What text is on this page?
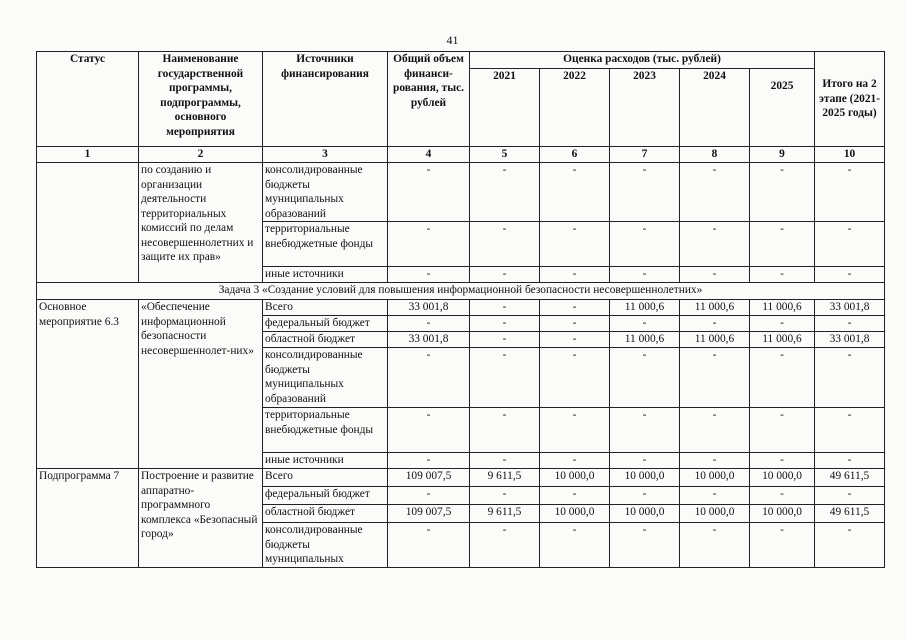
41
Статус	Наименование государственной программы, подпрограммы, основного мероприятия	Источники финансирования	Общий объем финанси-рования, тыс. рублей	Оценка расходов (тыс. рублей)					Итого на 2 этапе (2021-2025 годы)
				2021	2022	2023	2024	2025	
1	2	3	4	5	6	7	8	9	10
	по созданию и организации деятельности территориальных комиссий по делам несовершеннолетних и защите их прав»	консолидированные бюджеты муниципальных образований	-	-	-	-	-	-	-
		территориальные внебюджетные фонды	-	-	-	-	-	-	-
		иные источники	-	-	-	-	-	-	-
Задача 3 «Создание условий для повышения информационной безопасности несовершеннолетних»									
Основное мероприятие 6.3	«Обеспечение информационной безопасности несовершеннолет-них»	Всего	33 001,8	-	-	11 000,6	11 000,6	11 000,6	33 001,8
		федеральный бюджет	-	-	-	-	-	-	-
		областной бюджет	33 001,8	-	-	11 000,6	11 000,6	11 000,6	33 001,8
		консолидированные бюджеты муниципальных образований	-	-	-	-	-	-	-
		территориальные внебюджетные фонды	-	-	-	-	-	-	-
		иные источники	-	-	-	-	-	-	-
Подпрограмма 7	Построение и развитие аппаратно-программного комплекса «Безопасный город»	Всего	109 007,5	9 611,5	10 000,0	10 000,0	10 000,0	10 000,0	49 611,5
		федеральный бюджет	-	-	-	-	-	-	-
		областной бюджет	109 007,5	9 611,5	10 000,0	10 000,0	10 000,0	10 000,0	49 611,5
		консолидированные бюджеты муниципальных	-	-	-	-	-	-	-
